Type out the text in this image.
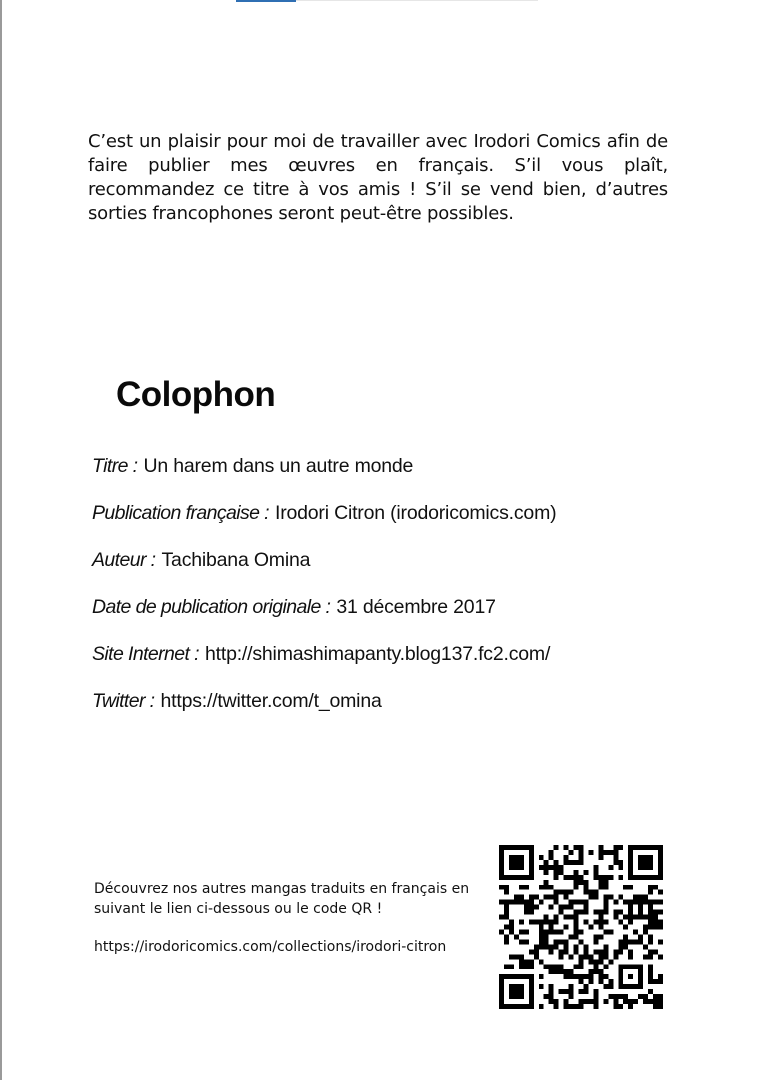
C’est un plaisir pour moi de travailler avec Irodori Comics afin de faire publier mes œuvres en français. S’il vous plaît, recommandez ce titre à vos amis ! S’il se vend bien, d’autres sorties francophones seront peut-être possibles.

Colophon
Titre : Un harem dans un autre monde
Publication française : Irodori Citron (irodoricomics.com)
Auteur : Tachibana Omina
Date de publication originale : 31 décembre 2017
Site Internet : http://shimashimapanty.blog137.fc2.com/
Twitter : https://twitter.com/t_omina
Découvrez nos autres mangas traduits en français en
suivant le lien ci-dessous ou le code QR !
https://irodoricomics.com/collections/irodori-citron
